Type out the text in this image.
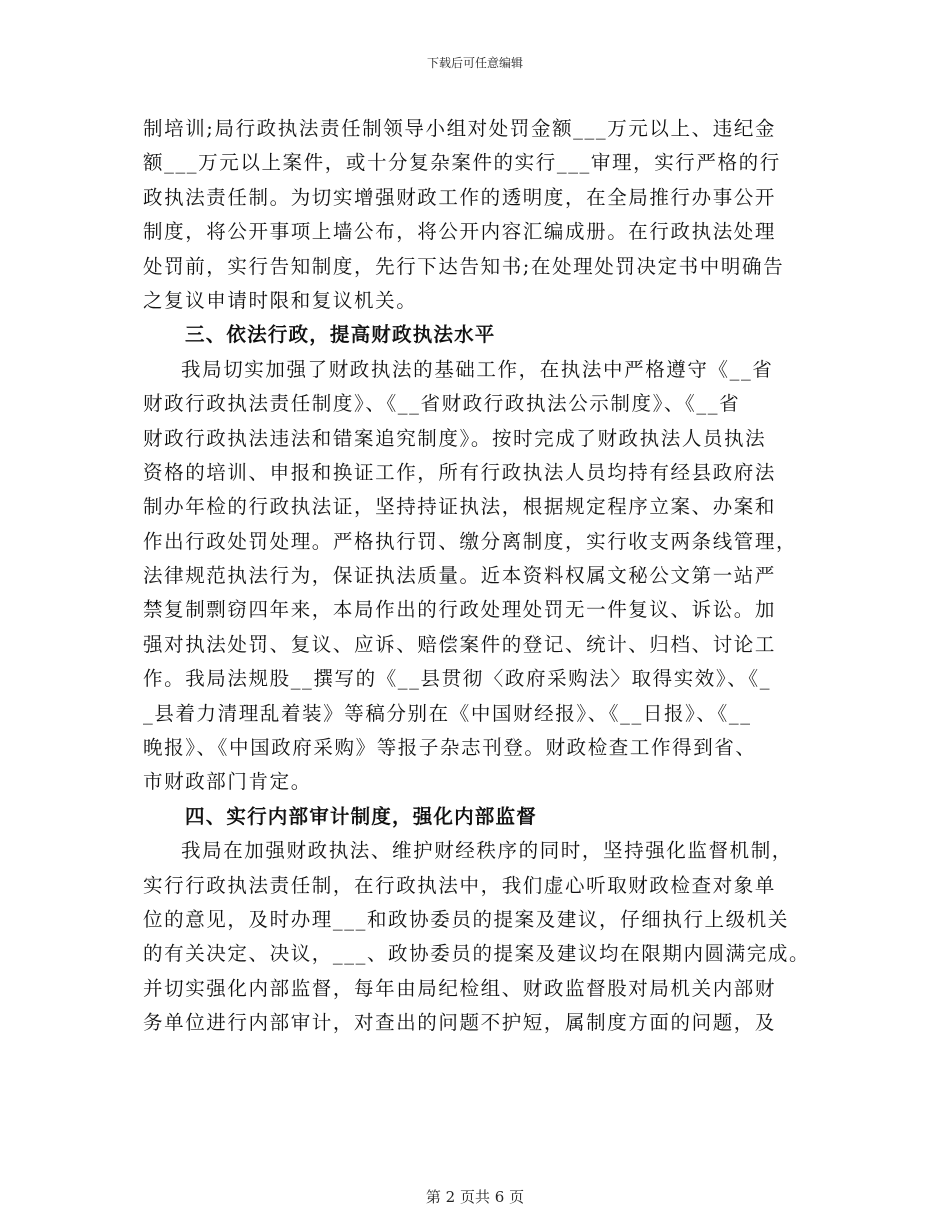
下载后可任意编辑
制培训;局行政执法责任制领导小组对处罚金额___万元以上、违纪金
额___万元以上案件，或十分复杂案件的实行___审理，实行严格的行
政执法责任制。为切实增强财政工作的透明度，在全局推行办事公开
制度，将公开事项上墙公布，将公开内容汇编成册。在行政执法处理
处罚前，实行告知制度，先行下达告知书;在处理处罚决定书中明确告
之复议申请时限和复议机关。
三、依法行政，提高财政执法水平
我局切实加强了财政执法的基础工作，在执法中严格遵守《__省
财政行政执法责任制度》、《__省财政行政执法公示制度》、《__省
财政行政执法违法和错案追究制度》。按时完成了财政执法人员执法
资格的培训、申报和换证工作，所有行政执法人员均持有经县政府法
制办年检的行政执法证，坚持持证执法，根据规定程序立案、办案和
作出行政处罚处理。严格执行罚、缴分离制度，实行收支两条线管理，
法律规范执法行为，保证执法质量。近本资料权属文秘公文第一站严
禁复制剽窃四年来，本局作出的行政处理处罚无一件复议、诉讼。加
强对执法处罚、复议、应诉、赔偿案件的登记、统计、归档、讨论工
作。我局法规股__撰写的《__县贯彻〈政府采购法〉取得实效》、《_
_县着力清理乱着装》等稿分别在《中国财经报》、《__日报》、《__
晚报》、《中国政府采购》等报子杂志刊登。财政检查工作得到省、
市财政部门肯定。
四、实行内部审计制度，强化内部监督
我局在加强财政执法、维护财经秩序的同时，坚持强化监督机制，
实行行政执法责任制，在行政执法中，我们虚心听取财政检查对象单
位的意见，及时办理___和政协委员的提案及建议，仔细执行上级机关
的有关决定、决议，___、政协委员的提案及建议均在限期内圆满完成。
并切实强化内部监督，每年由局纪检组、财政监督股对局机关内部财
务单位进行内部审计，对查出的问题不护短，属制度方面的问题，及
第 2 页共 6 页
